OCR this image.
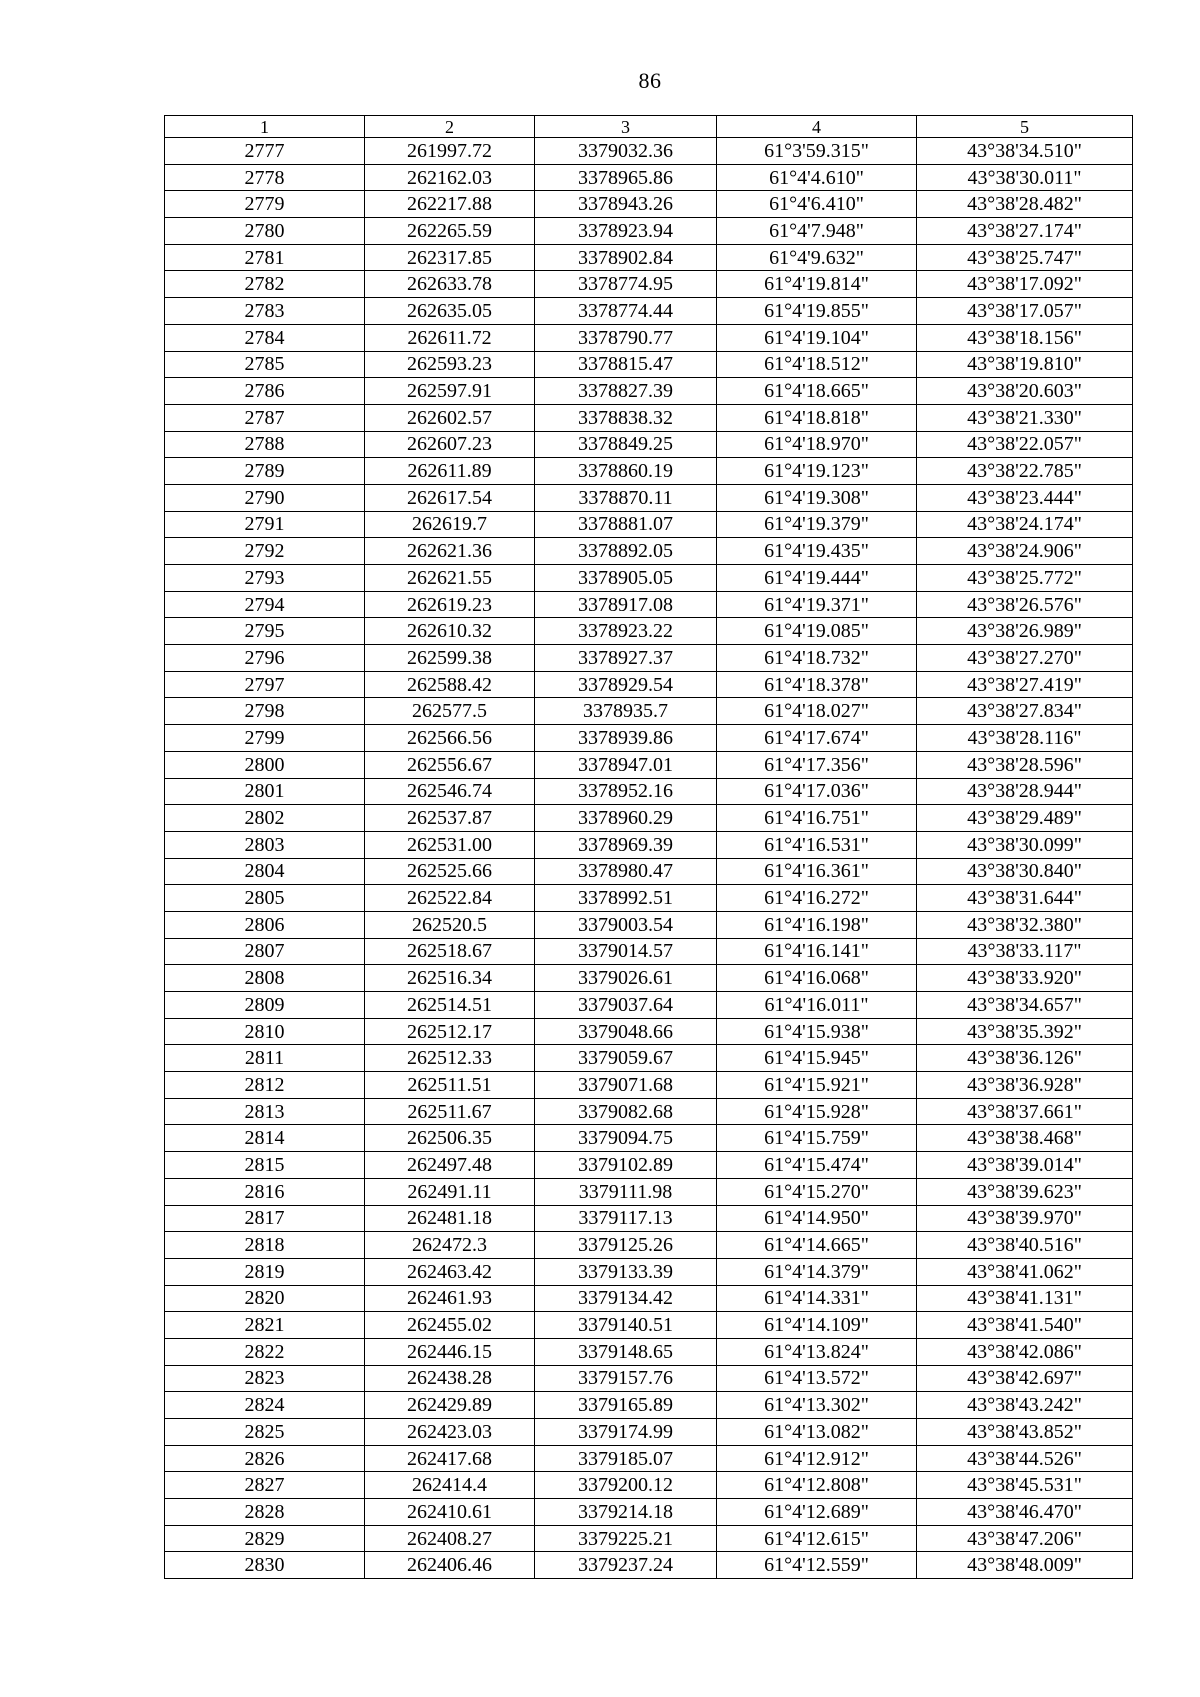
86
1	2	3	4	5
2777	261997.72	3379032.36	61°3'59.315"	43°38'34.510"
2778	262162.03	3378965.86	61°4'4.610"	43°38'30.011"
2779	262217.88	3378943.26	61°4'6.410"	43°38'28.482"
2780	262265.59	3378923.94	61°4'7.948"	43°38'27.174"
2781	262317.85	3378902.84	61°4'9.632"	43°38'25.747"
2782	262633.78	3378774.95	61°4'19.814"	43°38'17.092"
2783	262635.05	3378774.44	61°4'19.855"	43°38'17.057"
2784	262611.72	3378790.77	61°4'19.104"	43°38'18.156"
2785	262593.23	3378815.47	61°4'18.512"	43°38'19.810"
2786	262597.91	3378827.39	61°4'18.665"	43°38'20.603"
2787	262602.57	3378838.32	61°4'18.818"	43°38'21.330"
2788	262607.23	3378849.25	61°4'18.970"	43°38'22.057"
2789	262611.89	3378860.19	61°4'19.123"	43°38'22.785"
2790	262617.54	3378870.11	61°4'19.308"	43°38'23.444"
2791	262619.7	3378881.07	61°4'19.379"	43°38'24.174"
2792	262621.36	3378892.05	61°4'19.435"	43°38'24.906"
2793	262621.55	3378905.05	61°4'19.444"	43°38'25.772"
2794	262619.23	3378917.08	61°4'19.371"	43°38'26.576"
2795	262610.32	3378923.22	61°4'19.085"	43°38'26.989"
2796	262599.38	3378927.37	61°4'18.732"	43°38'27.270"
2797	262588.42	3378929.54	61°4'18.378"	43°38'27.419"
2798	262577.5	3378935.7	61°4'18.027"	43°38'27.834"
2799	262566.56	3378939.86	61°4'17.674"	43°38'28.116"
2800	262556.67	3378947.01	61°4'17.356"	43°38'28.596"
2801	262546.74	3378952.16	61°4'17.036"	43°38'28.944"
2802	262537.87	3378960.29	61°4'16.751"	43°38'29.489"
2803	262531.00	3378969.39	61°4'16.531"	43°38'30.099"
2804	262525.66	3378980.47	61°4'16.361"	43°38'30.840"
2805	262522.84	3378992.51	61°4'16.272"	43°38'31.644"
2806	262520.5	3379003.54	61°4'16.198"	43°38'32.380"
2807	262518.67	3379014.57	61°4'16.141"	43°38'33.117"
2808	262516.34	3379026.61	61°4'16.068"	43°38'33.920"
2809	262514.51	3379037.64	61°4'16.011"	43°38'34.657"
2810	262512.17	3379048.66	61°4'15.938"	43°38'35.392"
2811	262512.33	3379059.67	61°4'15.945"	43°38'36.126"
2812	262511.51	3379071.68	61°4'15.921"	43°38'36.928"
2813	262511.67	3379082.68	61°4'15.928"	43°38'37.661"
2814	262506.35	3379094.75	61°4'15.759"	43°38'38.468"
2815	262497.48	3379102.89	61°4'15.474"	43°38'39.014"
2816	262491.11	3379111.98	61°4'15.270"	43°38'39.623"
2817	262481.18	3379117.13	61°4'14.950"	43°38'39.970"
2818	262472.3	3379125.26	61°4'14.665"	43°38'40.516"
2819	262463.42	3379133.39	61°4'14.379"	43°38'41.062"
2820	262461.93	3379134.42	61°4'14.331"	43°38'41.131"
2821	262455.02	3379140.51	61°4'14.109"	43°38'41.540"
2822	262446.15	3379148.65	61°4'13.824"	43°38'42.086"
2823	262438.28	3379157.76	61°4'13.572"	43°38'42.697"
2824	262429.89	3379165.89	61°4'13.302"	43°38'43.242"
2825	262423.03	3379174.99	61°4'13.082"	43°38'43.852"
2826	262417.68	3379185.07	61°4'12.912"	43°38'44.526"
2827	262414.4	3379200.12	61°4'12.808"	43°38'45.531"
2828	262410.61	3379214.18	61°4'12.689"	43°38'46.470"
2829	262408.27	3379225.21	61°4'12.615"	43°38'47.206"
2830	262406.46	3379237.24	61°4'12.559"	43°38'48.009"
